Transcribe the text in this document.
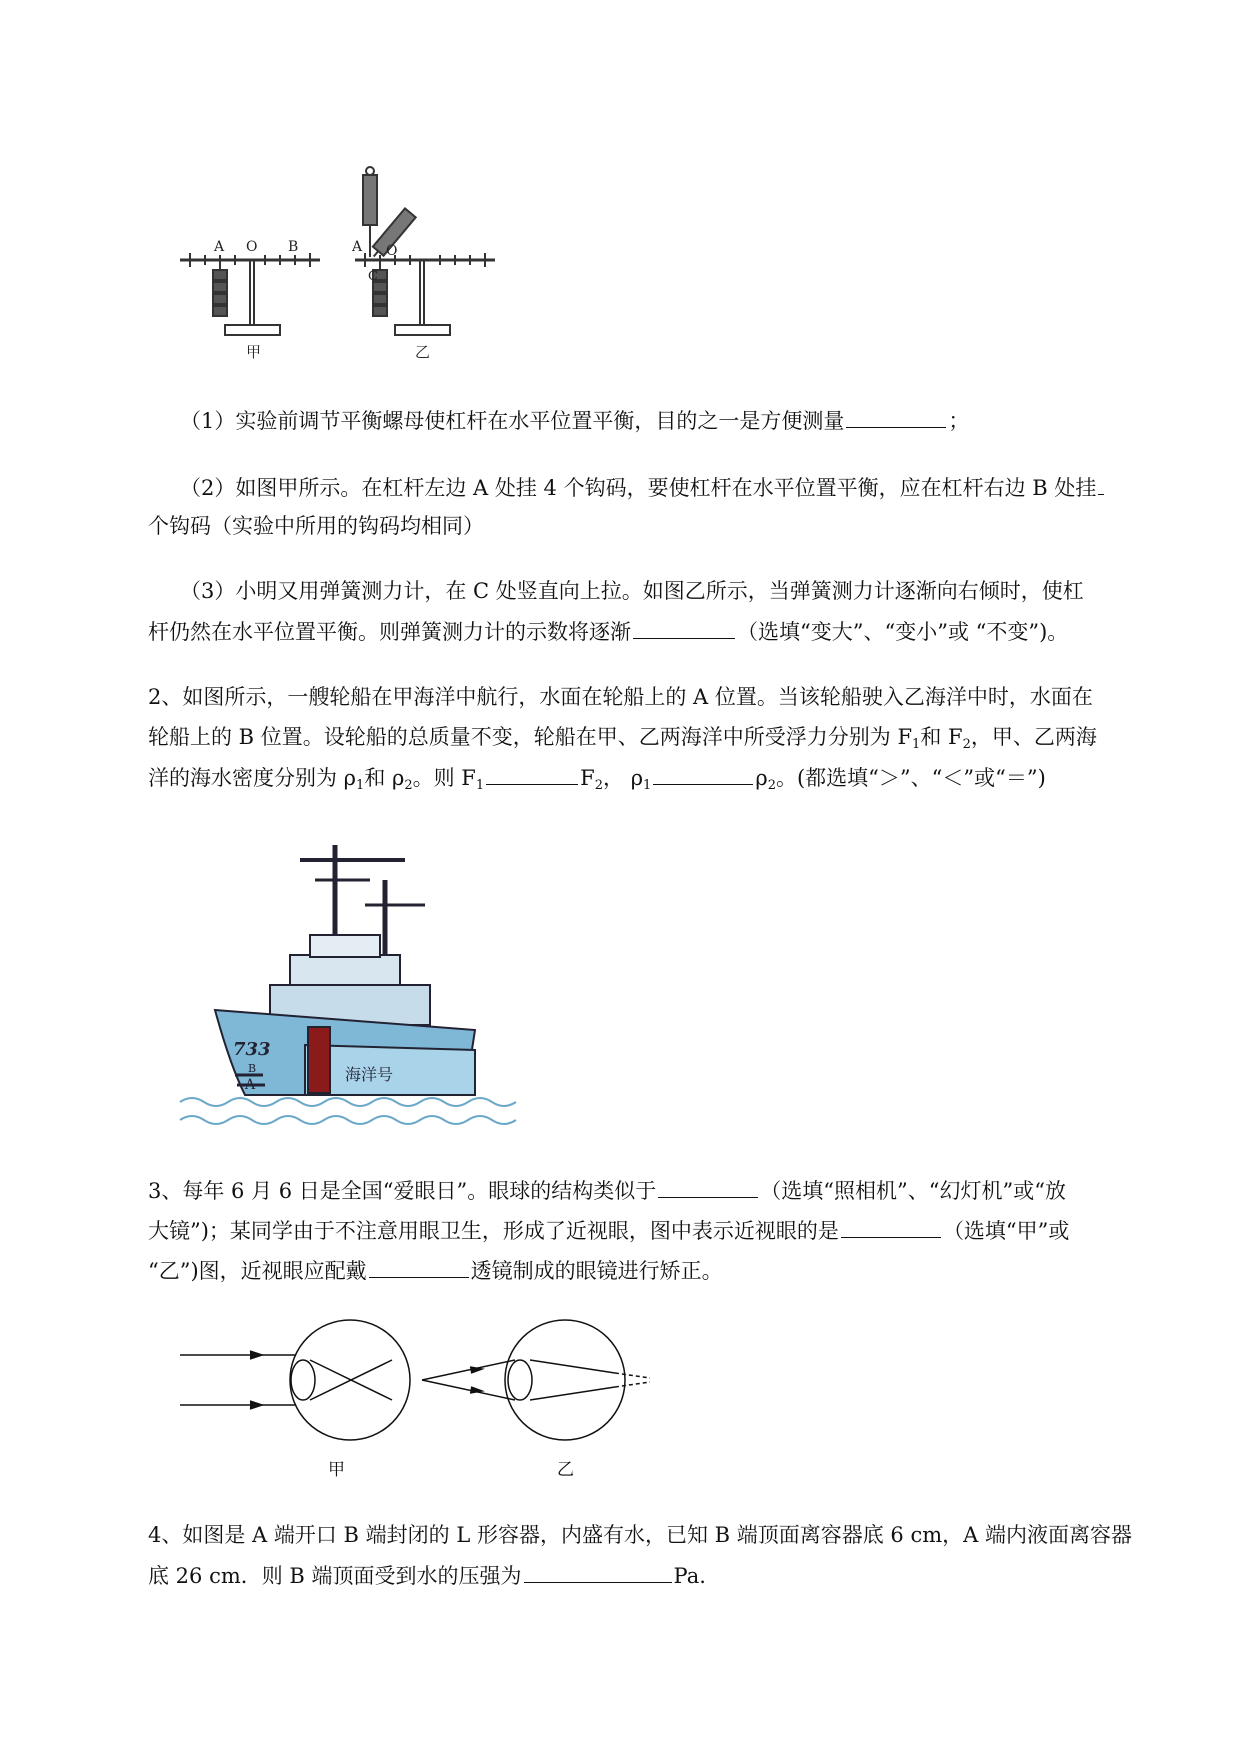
A O B
甲
A O
C
乙
（1）实验前调节平衡螺母使杠杆在水平位置平衡，目的之一是方便测量	；
（2）如图甲所示。在杠杆左边 A 处挂 4 个钩码，要使杠杆在水平位置平衡，应在杠杆右边 B 处挂
个钩码（实验中所用的钩码均相同）
（3）小明又用弹簧测力计，在 C 处竖直向上拉。如图乙所示，当弹簧测力计逐渐向右倾时，使杠
杆仍然在水平位置平衡。则弹簧测力计的示数将逐渐	（选填“变大”、“变小”或 “不变”)。
2、如图所示，一艘轮船在甲海洋中航行，水面在轮船上的 A 位置。当该轮船驶入乙海洋中时，水面在
轮船上的 B 位置。设轮船的总质量不变，轮船在甲、乙两海洋中所受浮力分别为 $F_1$和 $F_2$，甲、乙两海
洋的海水密度分别为 $\rho_1$和 $\rho_2$。则 $F_1$	$F_2$， $\rho_1$	$\rho_2$。(都选填“＞”、“＜”或“＝”)
733
海洋号
B
A
3、每年 6 月 6 日是全国“爱眼日”。眼球的结构类似于	（选填“照相机”、“幻灯机”或“放
大镜”)；某同学由于不注意用眼卫生，形成了近视眼，图中表示近视眼的是	（选填“甲”或
“乙”)图，近视眼应配戴	透镜制成的眼镜进行矫正。
甲	乙
4、如图是 A 端开口 B 端封闭的 L 形容器，内盛有水，已知 B 端顶面离容器底 6 cm，A 端内液面离容器
底 26 cm．则 B 端顶面受到水的压强为	Pa.
